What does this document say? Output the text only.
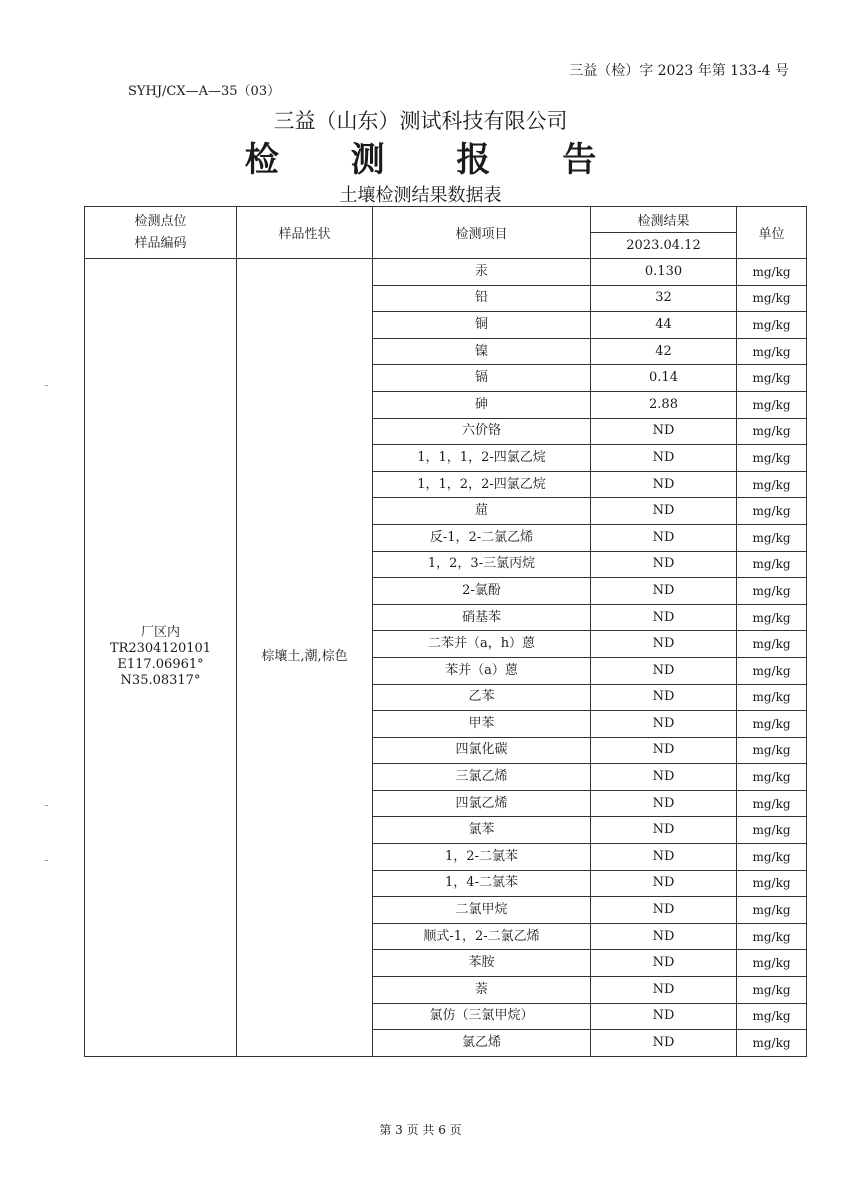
三益（检）字 2023 年第 133-4 号
SYHJ/CX—A—35（03）
三益（山东）测试科技有限公司
检 测 报 告
土壤检测结果数据表
检测点位
样品编码	样品性状	检测项目	检测结果	单位
			2023.04.12	

厂区内
TR2304120101
E117.06961°
N35.08317°	棕壤土,潮,棕色	汞	0.130	mg/kg
		铅	32	mg/kg
		铜	44	mg/kg
		镍	42	mg/kg
		镉	0.14	mg/kg
		砷	2.88	mg/kg
		六价铬	ND	mg/kg
		1，1，1，2-四氯乙烷	ND	mg/kg
		1，1，2，2-四氯乙烷	ND	mg/kg
		䓛	ND	mg/kg
		反-1，2-二氯乙烯	ND	mg/kg
		1，2，3-三氯丙烷	ND	mg/kg
		2-氯酚	ND	mg/kg
		硝基苯	ND	mg/kg
		二苯并（a，h）蒽	ND	mg/kg
		苯并（a）蒽	ND	mg/kg
		乙苯	ND	mg/kg
		甲苯	ND	mg/kg
		四氯化碳	ND	mg/kg
		三氯乙烯	ND	mg/kg
		四氯乙烯	ND	mg/kg
		氯苯	ND	mg/kg
		1，2-二氯苯	ND	mg/kg
		1，4-二氯苯	ND	mg/kg
		二氯甲烷	ND	mg/kg
		顺式-1，2-二氯乙烯	ND	mg/kg
		苯胺	ND	mg/kg
		萘	ND	mg/kg
		氯仿（三氯甲烷）	ND	mg/kg
		氯乙烯	ND	mg/kg
第 3 页 共 6 页
